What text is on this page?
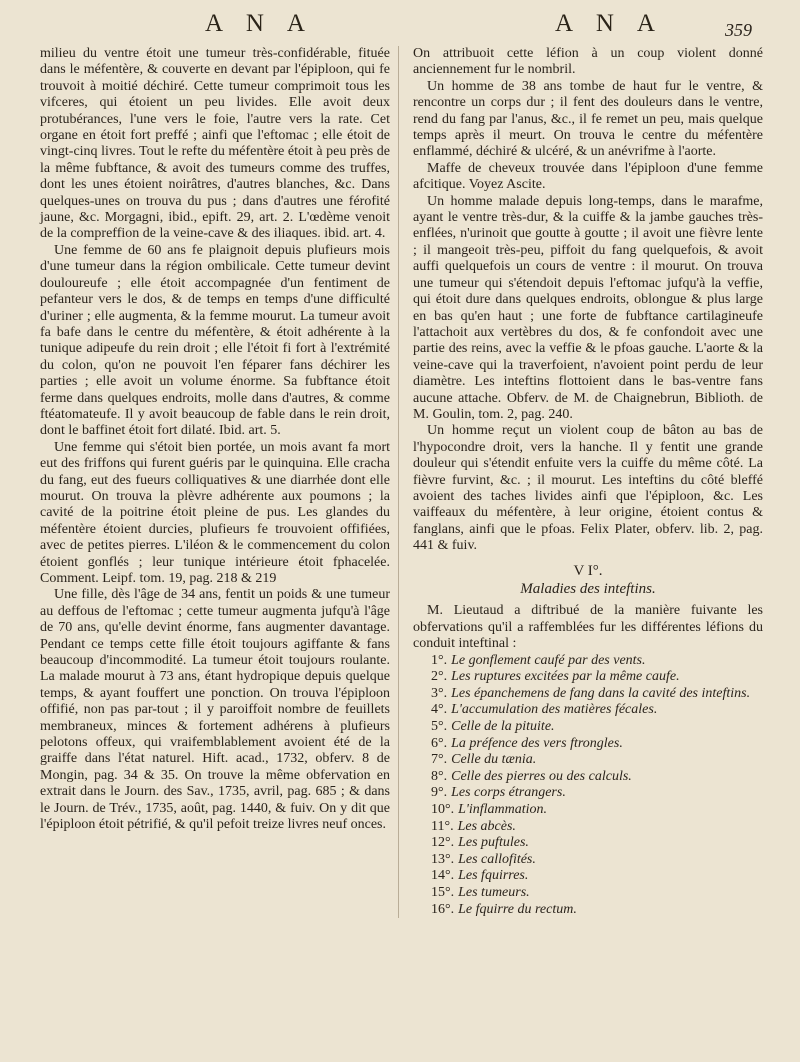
A N A	A N A	359

milieu du ventre étoit une tumeur très-confidérable, fituée dans le méfentère, & couverte en devant par l'épiploon, qui fe trouvoit à moitié déchiré. Cette tumeur comprimoit tous les vifceres, qui étoient un peu livides. Elle avoit deux protubérances, l'une vers le foie, l'autre vers la rate. Cet organe en étoit fort preffé ; ainfi que l'eftomac ; elle étoit de vingt-cinq livres. Tout le refte du méfentère étoit à peu près de la même fubftance, & avoit des tumeurs comme des truffes, dont les unes étoient noirâtres, d'autres blanches, &c. Dans quelques-unes on trouva du pus ; dans d'autres une férofité jaune, &c. Morgagni, ibid., epift. 29, art. 2. L'œdème venoit de la compreffion de la veine-cave & des iliaques. ibid. art. 4.

Une femme de 60 ans fe plaignoit depuis plufieurs mois d'une tumeur dans la région ombilicale. Cette tumeur devint douloureufe ; elle étoit accompagnée d'un fentiment de pefanteur vers le dos, & de temps en temps d'une difficulté d'uriner ; elle augmenta, & la femme mourut. La tumeur avoit fa bafe dans le centre du méfentère, & étoit adhérente à la tunique adipeufe du rein droit ; elle l'étoit fi fort à l'extrémité du colon, qu'on ne pouvoit l'en féparer fans déchirer les parties ; elle avoit un volume énorme. Sa fubftance étoit ferme dans quelques endroits, molle dans d'autres, & comme ftéatomateufe. Il y avoit beaucoup de fable dans le rein droit, dont le baffinet étoit fort dilaté. Ibid. art. 5.

Une femme qui s'étoit bien portée, un mois avant fa mort eut des friffons qui furent guéris par le quinquina. Elle cracha du fang, eut des fueurs colliquatives & une diarrhée dont elle mourut. On trouva la plèvre adhérente aux poumons ; la cavité de la poitrine étoit pleine de pus. Les glandes du méfentère étoient durcies, plufieurs fe trouvoient offifiées, avec de petites pierres. L'iléon & le commencement du colon étoient gonflés ; leur tunique intérieure étoit fphacelée. Comment. Leipf. tom. 19, pag. 218 & 219

Une fille, dès l'âge de 34 ans, fentit un poids & une tumeur au deffous de l'eftomac ; cette tumeur augmenta jufqu'à l'âge de 70 ans, qu'elle devint énorme, fans augmenter davantage. Pendant ce temps cette fille étoit toujours agiffante & fans beaucoup d'incommodité. La tumeur étoit toujours roulante. La malade mourut à 73 ans, étant hydropique depuis quelque temps, & ayant fouffert une ponction. On trouva l'épiploon offifié, non pas par-tout ; il y paroiffoit nombre de feuillets membraneux, minces & fortement adhérens à plufieurs pelotons offeux, qui vraifemblablement avoient été de la graiffe dans l'état naturel. Hift. acad., 1732, obferv. 8 de Mongin, pag. 34 & 35. On trouve la même obfervation en extrait dans le Journ. des Sav., 1735, avril, pag. 685 ; & dans le Journ. de Trév., 1735, août, pag. 1440, & fuiv. On y dit que l'épiploon étoit pétrifié, & qu'il pefoit treize livres neuf onces.

On attribuoit cette léfion à un coup violent donné anciennement fur le nombril.

Un homme de 38 ans tombe de haut fur le ventre, & rencontre un corps dur ; il fent des douleurs dans le ventre, rend du fang par l'anus, &c., il fe remet un peu, mais quelque temps après il meurt. On trouva le centre du méfentère enflammé, déchiré & ulcéré, & un anévrifme à l'aorte.

Maffe de cheveux trouvée dans l'épiploon d'une femme afcitique. Voyez Ascite.

Un homme malade depuis long-temps, dans le marafme, ayant le ventre très-dur, & la cuiffe & la jambe gauches très-enflées, n'urinoit que goutte à goutte ; il avoit une fièvre lente ; il mangeoit très-peu, piffoit du fang quelquefois, & avoit auffi quelquefois un cours de ventre : il mourut. On trouva une tumeur qui s'étendoit depuis l'eftomac jufqu'à la veffie, qui étoit dure dans quelques endroits, oblongue & plus large en bas qu'en haut ; une forte de fubftance cartilagineufe l'attachoit aux vertèbres du dos, & fe confondoit avec une partie des reins, avec la veffie & le pfoas gauche. L'aorte & la veine-cave qui la traverfoient, n'avoient point perdu de leur diamètre. Les inteftins flottoient dans le bas-ventre fans aucune attache. Obferv. de M. de Chaignebrun, Biblioth. de M. Goulin, tom. 2, pag. 240.

Un homme reçut un violent coup de bâton au bas de l'hypocondre droit, vers la hanche. Il y fentit une grande douleur qui s'étendit enfuite vers la cuiffe du même côté. La fièvre furvint, &c. ; il mourut. Les inteftins du côté bleffé avoient des taches livides ainfi que l'épiploon, &c. Les vaiffeaux du méfentère, à leur origine, étoient contus & fanglans, ainfi que le pfoas. Felix Plater, obferv. lib. 2, pag. 441 & fuiv.

V I°.
Maladies des inteftins.

M. Lieutaud a diftribué de la manière fuivante les obfervations qu'il a raffemblées fur les différentes léfions du conduit inteftinal :

1°. Le gonflement caufé par des vents.
2°. Les ruptures excitées par la même caufe.
3°. Les épanchemens de fang dans la cavité des inteftins.
4°. L'accumulation des matières fécales.
5°. Celle de la pituite.
6°. La préfence des vers ftrongles.
7°. Celle du tænia.
8°. Celle des pierres ou des calculs.
9°. Les corps étrangers.
10°. L'inflammation.
11°. Les abcès.
12°. Les puftules.
13°. Les callofités.
14°. Les fquirres.
15°. Les tumeurs.
16°. Le fquirre du rectum.
